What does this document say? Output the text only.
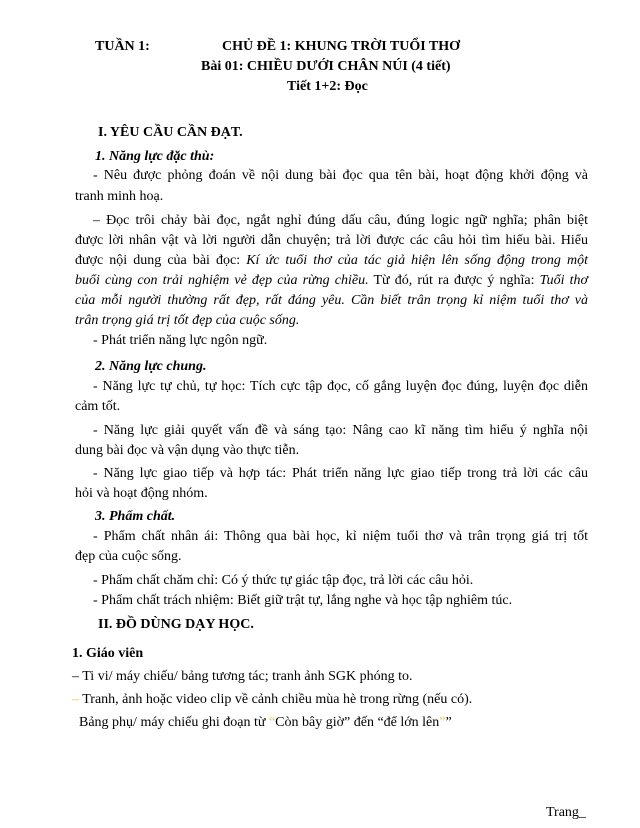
TUẦN 1:	CHỦ ĐỀ 1: KHUNG TRỜI TUỔI THƠ
Bài 01: CHIỀU DƯỚI CHÂN NÚI (4 tiết)
Tiết 1+2: Đọc
I. YÊU CẦU CẦN ĐẠT.
1. Năng lực đặc thù:
- Nêu được phỏng đoán về nội dung bài đọc qua tên bài, hoạt động khởi động và
tranh minh hoạ.
– Đọc trôi chảy bài đọc, ngắt nghỉ đúng dấu câu, đúng logic ngữ nghĩa; phân biệt
được lời nhân vật và lời người dẫn chuyện; trả lời được các câu hỏi tìm hiểu bài. Hiểu
được nội dung của bài đọc: Kí ức tuổi thơ của tác giả hiện lên sống động trong một
buổi cùng con trải nghiệm vẻ đẹp của rừng chiều. Từ đó, rút ra được ý nghĩa: Tuổi thơ
của mỗi người thường rất đẹp, rất đáng yêu. Cần biết trân trọng kỉ niệm tuổi thơ và
trân trọng giá trị tốt đẹp của cuộc sống.
- Phát triển năng lực ngôn ngữ.
2. Năng lực chung.
- Năng lực tự chủ, tự học: Tích cực tập đọc, cố gắng luyện đọc đúng, luyện đọc diễn
cảm tốt.
- Năng lực giải quyết vấn đề và sáng tạo: Nâng cao kĩ năng tìm hiểu ý nghĩa nội
dung bài đọc và vận dụng vào thực tiễn.
- Năng lực giao tiếp và hợp tác: Phát triển năng lực giao tiếp trong trả lời các câu
hỏi và hoạt động nhóm.
3. Phẩm chất.
- Phẩm chất nhân ái: Thông qua bài học, kỉ niệm tuổi thơ và trân trọng giá trị tốt
đẹp của cuộc sống.
- Phẩm chất chăm chỉ: Có ý thức tự giác tập đọc, trả lời các câu hỏi.
- Phẩm chất trách nhiệm: Biết giữ trật tự, lắng nghe và học tập nghiêm túc.
II. ĐỒ DÙNG DẠY HỌC.
1. Giáo viên
– Ti vi/ máy chiếu/ bảng tương tác; tranh ảnh SGK phóng to.
– Tranh, ảnh hoặc video clip về cảnh chiều mùa hè trong rừng (nếu có).
Bảng phụ/ máy chiếu ghi đoạn từ “Còn bây giờ” đến “để lớn lên””
Trang_
